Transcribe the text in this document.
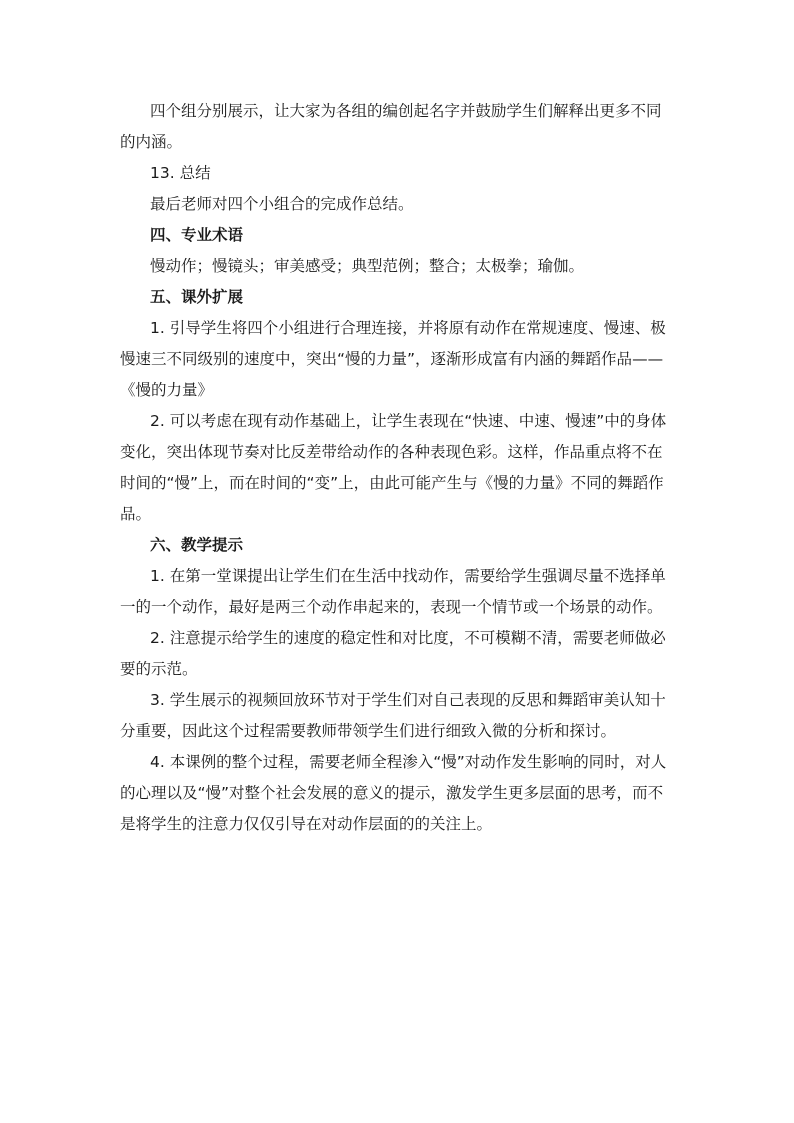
四个组分别展示，让大家为各组的编创起名字并鼓励学生们解释出更多不同的内涵。

13. 总结

最后老师对四个小组合的完成作总结。

四、专业术语

慢动作；慢镜头；审美感受；典型范例；整合；太极拳；瑜伽。

五、课外扩展

1. 引导学生将四个小组进行合理连接，并将原有动作在常规速度、慢速、极慢速三不同级别的速度中，突出“慢的力量”，逐渐形成富有内涵的舞蹈作品——《慢的力量》

2. 可以考虑在现有动作基础上，让学生表现在“快速、中速、慢速”中的身体变化，突出体现节奏对比反差带给动作的各种表现色彩。这样，作品重点将不在时间的“慢”上，而在时间的“变”上，由此可能产生与《慢的力量》不同的舞蹈作品。

六、教学提示

1. 在第一堂课提出让学生们在生活中找动作，需要给学生强调尽量不选择单一的一个动作，最好是两三个动作串起来的，表现一个情节或一个场景的动作。

2. 注意提示给学生的速度的稳定性和对比度，不可模糊不清，需要老师做必要的示范。

3. 学生展示的视频回放环节对于学生们对自己表现的反思和舞蹈审美认知十分重要，因此这个过程需要教师带领学生们进行细致入微的分析和探讨。

4. 本课例的整个过程，需要老师全程渗入“慢”对动作发生影响的同时，对人的心理以及“慢”对整个社会发展的意义的提示，激发学生更多层面的思考，而不是将学生的注意力仅仅引导在对动作层面的的关注上。
